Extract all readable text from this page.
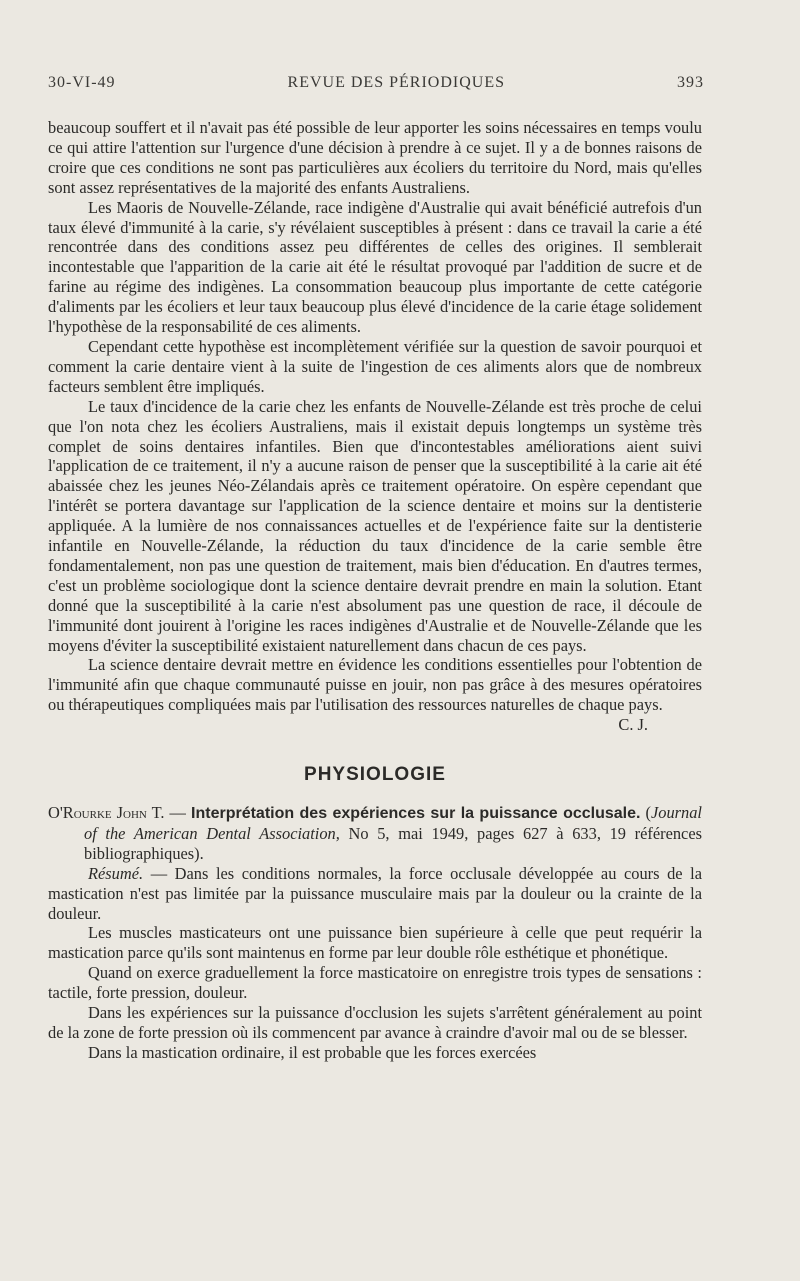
30-VI-49	REVUE DES PÉRIODIQUES	393

beaucoup souffert et il n'avait pas été possible de leur apporter les soins nécessaires en temps voulu ce qui attire l'attention sur l'urgence d'une décision à prendre à ce sujet. Il y a de bonnes raisons de croire que ces conditions ne sont pas particulières aux écoliers du territoire du Nord, mais qu'elles sont assez représentatives de la majorité des enfants Australiens.

Les Maoris de Nouvelle-Zélande, race indigène d'Australie qui avait bénéficié autrefois d'un taux élevé d'immunité à la carie, s'y révélaient susceptibles à présent : dans ce travail la carie a été rencontrée dans des conditions assez peu différentes de celles des origines. Il semblerait incontestable que l'apparition de la carie ait été le résultat provoqué par l'addition de sucre et de farine au régime des indigènes. La consommation beaucoup plus importante de cette catégorie d'aliments par les écoliers et leur taux beaucoup plus élevé d'incidence de la carie étage solidement l'hypothèse de la responsabilité de ces aliments.

Cependant cette hypothèse est incomplètement vérifiée sur la question de savoir pourquoi et comment la carie dentaire vient à la suite de l'ingestion de ces aliments alors que de nombreux facteurs semblent être impliqués.

Le taux d'incidence de la carie chez les enfants de Nouvelle-Zélande est très proche de celui que l'on nota chez les écoliers Australiens, mais il existait depuis longtemps un système très complet de soins dentaires infantiles. Bien que d'incontestables améliorations aient suivi l'application de ce traitement, il n'y a aucune raison de penser que la susceptibilité à la carie ait été abaissée chez les jeunes Néo-Zélandais après ce traitement opératoire. On espère cependant que l'intérêt se portera davantage sur l'application de la science dentaire et moins sur la dentisterie appliquée. A la lumière de nos connaissances actuelles et de l'expérience faite sur la dentisterie infantile en Nouvelle-Zélande, la réduction du taux d'incidence de la carie semble être fondamentalement, non pas une question de traitement, mais bien d'éducation. En d'autres termes, c'est un problème sociologique dont la science dentaire devrait prendre en main la solution. Etant donné que la susceptibilité à la carie n'est absolument pas une question de race, il découle de l'immunité dont jouirent à l'origine les races indigènes d'Australie et de Nouvelle-Zélande que les moyens d'éviter la susceptibilité existaient naturellement dans chacun de ces pays.

La science dentaire devrait mettre en évidence les conditions essentielles pour l'obtention de l'immunité afin que chaque communauté puisse en jouir, non pas grâce à des mesures opératoires ou thérapeutiques compliquées mais par l'utilisation des ressources naturelles de chaque pays.

C. J.

PHYSIOLOGIE

O'Rourke John T. — Interprétation des expériences sur la puissance occlusale. (Journal of the American Dental Association, No 5, mai 1949, pages 627 à 633, 19 références bibliographiques).

Résumé. — Dans les conditions normales, la force occlusale développée au cours de la mastication n'est pas limitée par la puissance musculaire mais par la douleur ou la crainte de la douleur.

Les muscles masticateurs ont une puissance bien supérieure à celle que peut requérir la mastication parce qu'ils sont maintenus en forme par leur double rôle esthétique et phonétique.

Quand on exerce graduellement la force masticatoire on enregistre trois types de sensations : tactile, forte pression, douleur.

Dans les expériences sur la puissance d'occlusion les sujets s'arrêtent généralement au point de la zone de forte pression où ils commencent par avance à craindre d'avoir mal ou de se blesser.

Dans la mastication ordinaire, il est probable que les forces exercées
